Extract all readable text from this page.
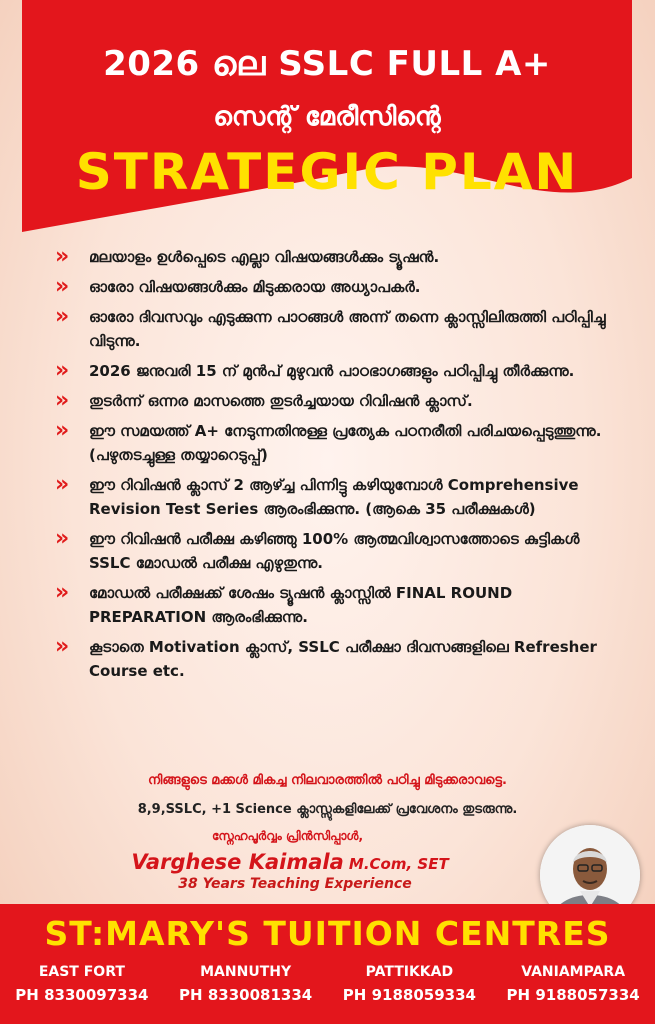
2026 ലെ SSLC FULL A+
സെന്റ് മേരീസിന്റെ
STRATEGIC PLAN
» മലയാളം ഉൾപ്പെടെ എല്ലാ വിഷയങ്ങൾക്കും ട്യൂഷൻ.
» ഓരോ വിഷയങ്ങൾക്കും മിടുക്കരായ അധ്യാപകർ.
» ഓരോ ദിവസവും എടുക്കുന്ന പാഠങ്ങൾ അന്ന് തന്നെ ക്ലാസ്സിലിരുത്തി പഠിപ്പിച്ചു വിടുന്നു.
» 2026 ജനുവരി 15 ന് മുൻപ് മുഴുവൻ പാഠഭാഗങ്ങളും പഠിപ്പിച്ചു തീർക്കുന്നു.
» തുടർന്ന് ഒന്നര മാസത്തെ തുടർച്ചയായ റിവിഷൻ ക്ലാസ്.
» ഈ സമയത്ത് A+ നേടുന്നതിനുള്ള പ്രത്യേക പഠനരീതി പരിചയപ്പെടുത്തുന്നു. (പഴുതടച്ചുള്ള തയ്യാറെടുപ്പ്)
» ഈ റിവിഷൻ ക്ലാസ് 2 ആഴ്ച്ച പിന്നിട്ടു കഴിയുമ്പോൾ Comprehensive Revision Test Series ആരംഭിക്കുന്നു. (ആകെ 35 പരീക്ഷകൾ)
» ഈ റിവിഷൻ പരീക്ഷ കഴിഞ്ഞു 100% ആത്മവിശ്വാസത്തോടെ കുട്ടികൾ SSLC മോഡൽ പരീക്ഷ എഴുതുന്നു.
» മോഡൽ പരീക്ഷക്ക് ശേഷം ട്യൂഷൻ ക്ലാസ്സിൽ FINAL ROUND PREPARATION ആരംഭിക്കുന്നു.
» കൂടാതെ Motivation ക്ലാസ്, SSLC പരീക്ഷാ ദിവസങ്ങളിലെ Refresher Course etc.
നിങ്ങളുടെ മക്കൾ മികച്ച നിലവാരത്തിൽ പഠിച്ചു മിടുക്കരാവട്ടെ.
8,9,SSLC, +1 Science ക്ലാസ്സുകളിലേക്ക് പ്രവേശനം തുടരുന്നു.
സ്നേഹപൂർവ്വം പ്രിൻസിപ്പാൾ,
Varghese Kaimala M.Com, SET
38 Years Teaching Experience
ST:MARY'S TUITION CENTRES
EAST FORT
PH 8330097334
MANNUTHY
PH 8330081334
PATTIKKAD
PH 9188059334
VANIAMPARA
PH 9188057334
